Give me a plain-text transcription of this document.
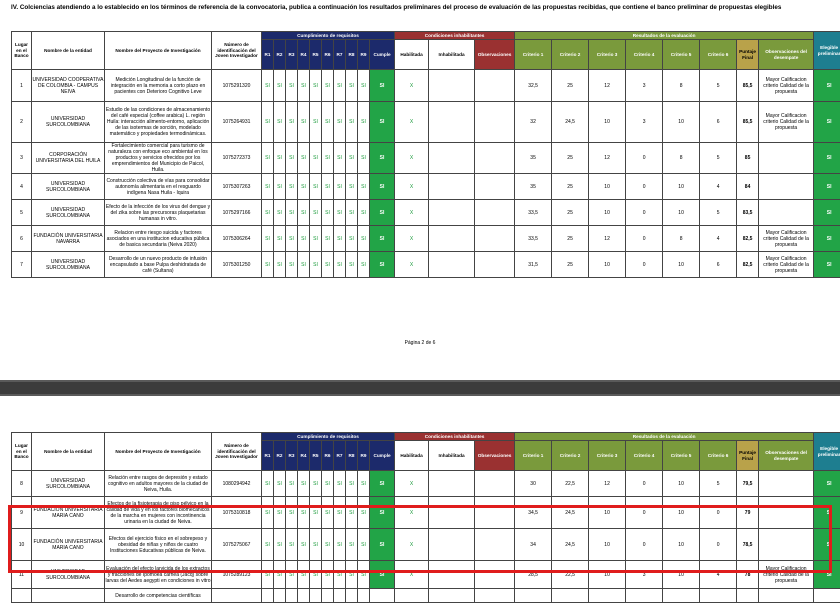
IV. Colciencias atendiendo a lo establecido en los términos de referencia de la convocatoria, publica a continuación los resultados preliminares del proceso de evaluación de las propuestas recibidas, que contiene el banco preliminar de propuestas elegibles
Lugar en el Banco	Nombre de la entidad	Nombre del Proyecto de Investigación	Número de identificación del Joven Investigador	Cumplimiento de requisitos										Condiciones inhabilitantes			Resultados de la evaluación								Elegible preliminar
				R1	R2	R3	R4	R5	R6	R7	R8	R9	Cumple	Habilitada	Inhabilitada	Observaciones	Criterio 1	Criterio 2	Criterio 3	Criterio 4	Criterio 5	Criterio 6	Puntaje Final	Observaciones del desempate	
1	UNIVERSIDAD COOPERATIVA DE COLOMBIA - CAMPUS NEIVA	Medición Longitudinal de la función de integración en la memoria a corto plazo en pacientes con Deterioro Cognitivo Leve	1075291320	SI	SI	SI	SI	SI	SI	SI	SI	SI	SI	X			32,5	25	12	3	8	5	85,5	Mayor Calificacion criterio Calidad de la propuesta	SI
2	UNIVERSIDAD SURCOLOMBIANA	Estudio de las condiciones de almacenamiento del café especial (coffee arabica) L. región Huila: interacción alimento-entorno, aplicación de las isotermas de sorción, modelado matemático y propiedades termodinámicas.	1075264931	SI	SI	SI	SI	SI	SI	SI	SI	SI	SI	X			32	24,5	10	3	10	6	85,5	Mayor Calificacion criterio Calidad de la propuesta	SI
3	CORPORACIÓN UNIVERSITARIA DEL HUILA	Fortalecimiento comercial para turismo de naturaleza con enfoque eco ambiental en los productos y servicios ofrecidos por los emprendimientos del Municipio de Paicol, Huila.	1075272373	SI	SI	SI	SI	SI	SI	SI	SI	SI	SI	X			35	25	12	0	8	5	85		SI
4	UNIVERSIDAD SURCOLOMBIANA	Construcción colectiva de vías para consolidar autonomía alimentaria en el resguardo indígena Nasa Huila - Iquira	1075307263	SI	SI	SI	SI	SI	SI	SI	SI	SI	SI	X			35	25	10	0	10	4	84		SI
5	UNIVERSIDAD SURCOLOMBIANA	Efecto de la infección de los virus del dengue y del zika sobre las precursoras plaquetarias humanas in vitro.	1075297166	SI	SI	SI	SI	SI	SI	SI	SI	SI	SI	X			33,5	25	10	0	10	5	83,5		SI
6	FUNDACIÓN UNIVERSITARIA NAVARRA	Relacion entre riesgo suicida y factores asociados en una institucion educativa pública de basica secundaria (Neiva 2020)	1075306264	SI	SI	SI	SI	SI	SI	SI	SI	SI	SI	X			33,5	25	12	0	8	4	82,5	Mayor Calificacion criterio Calidad de la propuesta	SI
7	UNIVERSIDAD SURCOLOMBIANA	Desarrollo de un nuevo producto de infusión encapsulado a base Pulpa deshidratada de café (Sultana)	1075301250	SI	SI	SI	SI	SI	SI	SI	SI	SI	SI	X			31,5	25	10	0	10	6	82,5	Mayor Calificacion criterio Calidad de la propuesta	SI
Página 2 de 6
Lugar en el Banco	Nombre de la entidad	Nombre del Proyecto de Investigación	Número de identificación del Joven Investigador	Cumplimiento de requisitos										Condiciones inhabilitantes			Resultados de la evaluación								Elegible preliminar
				R1	R2	R3	R4	R5	R6	R7	R8	R9	Cumple	Habilitada	Inhabilitada	Observaciones	Criterio 1	Criterio 2	Criterio 3	Criterio 4	Criterio 5	Criterio 6	Puntaje Final	Observaciones del desempate	
8	UNIVERSIDAD SURCOLOMBIANA	Relación entre rasgos de depresión y estado cognitivo en adultos mayores de la ciudad de Neiva, Huila.	1080294942	SI	SI	SI	SI	SI	SI	SI	SI	SI	SI	X			30	22,5	12	0	10	5	79,5		SI
9	FUNDACIÓN UNIVERSITARIA MARIA CANO	Efectos de la fisioterapia de piso pélvico en la calidad de vida y en los factores biomecánicos de la marcha en mujeres con incontinencia urinaria en la ciudad de Neiva.	1075310818	SI	SI	SI	SI	SI	SI	SI	SI	SI	SI	X			34,5	24,5	10	0	10	0	79		SI
10	FUNDACIÓN UNIVERSITARIA MARIA CANO	Efectos del ejercicio físico en el sobrepeso y obesidad de niñas y niños de cuatro Instituciones Educativas públicas de Neiva.	1075275067	SI	SI	SI	SI	SI	SI	SI	SI	SI	SI	X			34	24,5	10	0	10	0	78,5		SI
11	UNIVERSIDAD SURCOLOMBIANA	Evaluación del efecto larvicida de los extractos y fracciones de Ipomoea carnea (Jacq) sobre larvas del Aedes aegypti en condiciones in vitro	1075289123	SI	SI	SI	SI	SI	SI	SI	SI	SI	SI	X			28,5	22,5	10	3	10	4	78	Mayor Calificacion criterio Calidad de la propuesta	SI
		Desarrollo de competencias científicas																							
